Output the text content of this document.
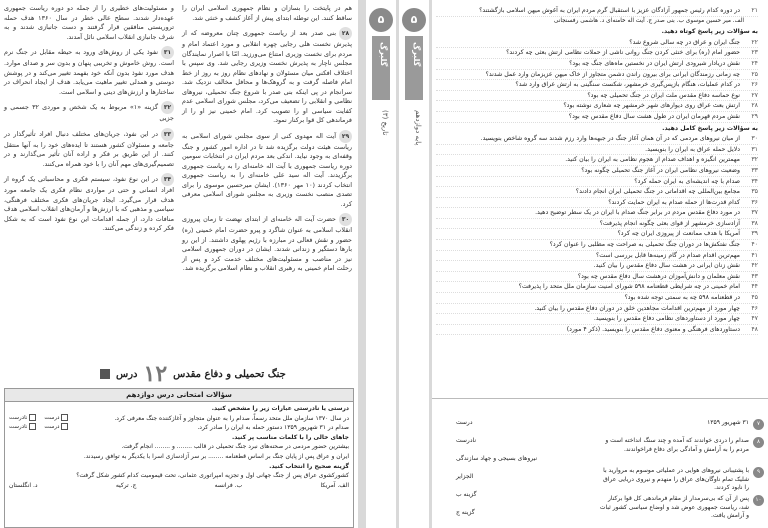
هم در پایتخت را بسازان و نظام جمهوری اسلامی ایران را ساقط کنند. این توطئه ابتدای پیش از آغاز کشف و خنثی شد.
۲۸بنی صدر بعد از ریاست جمهوری چنان معروضه که از پذیرش نخست هلی رجایی چهره انقلابی و مورد اعتماد امام و مردم برای نخست وزیری امتناع می‌ورزید. امّا با اصرار نمایندگان مجلس ناچار به پذیرش نخست وزیری رجایی شد. وی سپس با اختلاف افکنی میان مسئولان و نهادهای نظام روز به روز از خط امام فاصله گرفت و به گروهک‌ها و محافل مخالف نزدیک شد. سرانجام در پی اینکه بنی صدر با شروع جنگ تحمیلی، نیرو‌های نظامی و انقلابی را تضعیف می‌کرد، مجلس شورای اسلامی عدم کفایت سیاسی او را تصویب کرد. امام خمینی نیز او را از فرماندهی کل قوا برکنار نمود.
۲۹آیت اله مهدوی کنی از سوی مجلس شورای اسلامی به ریاست هیئت دولت برگزیده شد تا در اداره امور کشور و جنگ وقفه‌ای به وجود نیاید. اندکی بعد مردم ایران در انتخابات سومین دوره ریاست جمهوری با آیت اله خامنه‌ای را به ریاست جمهوری برگزیدند. آیت اله سید علی خامنه‌ای را به ریاست جمهوری انتخاب کردند (۱۰ مهر ۱۳۶۰). ایشان میرحسین موسوی را برای تصدی منصب نخست وزیری به مجلس شورای اسلامی معرفی کرد.
۳۰حضرت آیت اله خامنه‌ای از ابتدای نهضت تا زمان پیروزی انقلاب اسلامی به عنوان شاگرد و پیرو حضرت امام خمینی (ره) حضور و نقش فعالی در مبارزه با رژیم پهلوی داشتند. از این رو بارها دستگیر و زندانی شدند. ایشان در دوران جمهوری اسلامی نیز در مناصب و مسئولیت‌های مختلف خدمت کرد و پس از رحلت امام خمینی به رهبری انقلاب و نظام اسلامی برگزیده شد.
و مسئولیت‌های خطیری را از جمله دو دوره ریاست جمهوری عهده‌دار شدند. سطح عالی خطر در سال ۱۳۶۰ هدف حمله تروریستی منافقین قرار گرفتند و دست جانبازی شدند و به شرف جانبازی انقلاب اسلامی نائل آمدند.
۳۱نفوذ یکی از روش‌های ورود به حیطه مقابل در جنگ نرم است. روش خاموش و تخریبی پنهان و بدون سر و صدای موارد. هدف مورد نفوذ بدون آنکه خود بفهمد تغییر می‌کند و در پوشش دوستی و همدلی تغییر ماهیت می‌یابد. هدف از ایجاد انحراف در ساختارها و ارزش‌های دینی و اسلامی است.
۳۲گزینه «۱» مربوط به یک شخص و موردی ۳۲ جسمی و جزیی
۳۳در این نفوذ، جریان‌های مختلف دنبال افراد تأثیرگذار در جامعه و مسئولان کشور هستند تا ایده‌های خود را به آنها منتقل کنند. از این طریق بر فکر و اراده آنان تأثیر می‌گذارند و در تصمیم‌گیری‌های مهم آنان را با خود همراه می‌کنند.
۳۴در این نوع نفوذ، سیستم فکری و محاسباتی یک گروه از افراد انسانی و حتی در مواردی نظام فکری یک جامعه مورد هدف قرار می‌گیرد. ایجاد جریان‌های فکری مختلف فرهنگی، سیاسی و مذهبی که با ارزش‌ها و آرمان‌های انقلاب اسلامی هدف منافات دارد، از جمله اقدامات این نوع نفوذ است که به شکل فکر کرده و زندگی می‌کنند.
جنگ تحمیلی و دفاع مقدس
۱۲
درس
سؤالات امتحانی درس دوازدهم
درستی یا نادرستی عبارات زیر را مشخص کنید.
در سال ۱۳۷۰ سازمان ملل متحد رسماً، صدام را به عنوان متجاوز و آغازکننده جنگ معرفی کرد.
درست
نادرست
صدام در ۳۱ شهریور ۱۳۵۹ دستور حمله به ایران را صادر کرد.
درست
نادرست
جاهای خالی را با کلمات مناسب پر کنید.
بیشترین حضور مردمی در صحنه‌های نبرد جنگ تحمیلی در قالب ........ و ........ انجام گرفت.
ایران و عراق پس از پایان جنگ بر اساس قطعنامه ........ بر سر آزادسازی اسرا با یکدیگر به توافق رسیدند.
گزینه صحیح را انتخاب کنید.
کشورکشوی عراق پس از جنگ جهانی اول و تجزیه امپراتوری عثمانی، تحت قیمومیت کدام کشور شکل گرفت؟
الف. آمریکا
ب. فرانسه
ج. ترکیه
د. انگلستان
۵
گلبرگ
تاریخ (۳)
۵
گلبرگ
پایه دوازدهم
۲۱
در دوره کدام رئیس جمهور آزادگان عزیز با استقبال گرم مردم ایران به آغوش میهن اسلامی بازگشتند؟
الف. میر حسین موسوی ب. بنی صدر ج. آیت اله خامنه‌ای د. هاشمی رفسنجانی
به سؤالات زیر پاسخ کوتاه دهید.
۲۲
جنگ ایران و عراق در چه سالی شروع شد؟
۲۳
حضور امام (ره) برای خنثی کردن جنگ روانی ناشی از حملات نظامی ارتش بعثی چه کردند؟
۲۴
نقش دریادار شیرودی ارتش ایران در نخستین ماه‌های جنگ چه بود؟
۲۵
چه زمانی رزمندگان ایرانی برای بیرون راندن دشمن متجاوز از خاک میهن عزیزمان وارد عمل شدند؟
۲۶
در کدام عملیات، هنگام بازپس‌گیری خرمشهر، شکست سنگینی به ارتش عراق وارد شد؟
۲۷
نوع حماسه دفاع مقدس ملت ایران در جنگ تحمیلی چه بود؟
۲۸
ارتش بعث عراق روی دیوارهای شهر خرمشهر چه شعاری نوشته بود؟
۲۹
نقش مردم قهرمان ایران در طول هشت سال دفاع مقدس چه بود؟
به سؤالات زیر پاسخ کامل دهید.
۳۰
از میان نیروهای مردمی که در آن همان آغاز جنگ در جبهه‌ها وارد رزم شدند سه گروه شاخص بنویسید.
۳۱
دلایل حمله عراق به ایران را بنویسید.
۳۲
مهمترین انگیزه و اهداف صدام از هجوم نظامی به ایران را بیان کنید.
۳۳
وضعیت نیروهای نظامی ایران در آغاز جنگ تحمیلی چگونه بود؟
۳۴
صدام با چه اندیشه‌ای به ایران حمله کرد؟
۳۵
مجامع بین‌المللی چه اقداماتی در جنگ تحمیلی ایران انجام دادند؟
۳۶
کدام قدرت‌ها از حمله صدام به ایران حمایت کردند؟
۳۷
در مورد دفاع مقدس مردم در برابر جنگ صدام با ایران در یک سطر توضیح دهید.
۳۸
آزادسازی خرمشهر از قوای بعثی چگونه انجام پذیرفت؟
۳۹
آمریکا با هدف ممانعت از پیروزی ایران چه کرد؟
۴۰
جنگ نفتکش‌ها در دوران جنگ تحمیلی به صراحت چه مطلبی را عنوان کرد؟
۴۱
مهم‌ترین اقدام صدام در گام زمینه‌ها قابل بررسی است؟
۴۲
نقش زنان ایرانی در هشت سال دفاع مقدس را بیان کنید.
۴۳
نقش معلمان و دانش‌آموزان درهشت سال دفاع مقدس چه بود؟
۴۴
امام خمینی در چه شرایطی قطعنامه ۵۹۸ شورای امنیت سازمان ملل متحد را پذیرفت؟
۴۵
در قطعنامه ۵۹۸ چه به سمتی توجه شده بود؟
۴۶
چهار مورد از مهم‌ترین اقدامات مجاهدین خلق در دوران دفاع مقدس را بیان کنید.
۴۷
چهار مورد از دستاوردهای نظامی دفاع مقدس را بنویسید.
۴۸
دستاوردهای فرهنگی و معنوی دفاع مقدس را بنویسید. (ذکر ۴ مورد)
۷
۳۱ شهریور ۱۳۵۹
۸
صدام را دردی خواندند که آمده و چند سنگ انداخته است و مردم را به آرامش و آمادگی برای دفاع فراخواندند.
۹
با پشتیبانی نیروهای هوایی در عملیاتی موسوم به مروارید با شلیک تمام ناوگان‌های عراق را منهدم و نیروی دریایی عراق را نابود کردند.
۱۰
پس از آن که بی‌سر‌مدار از مقام فرماندهی کل قوا برکنار شد، ریاست جمهوری عوض شد و اوضاع سیاسی کشور ثبات و آرامش یافت.
درست
نادرست
نیروهای بسیجی و جهاد سازندگی
الجزایر
گزینه ب
گزینه ج
